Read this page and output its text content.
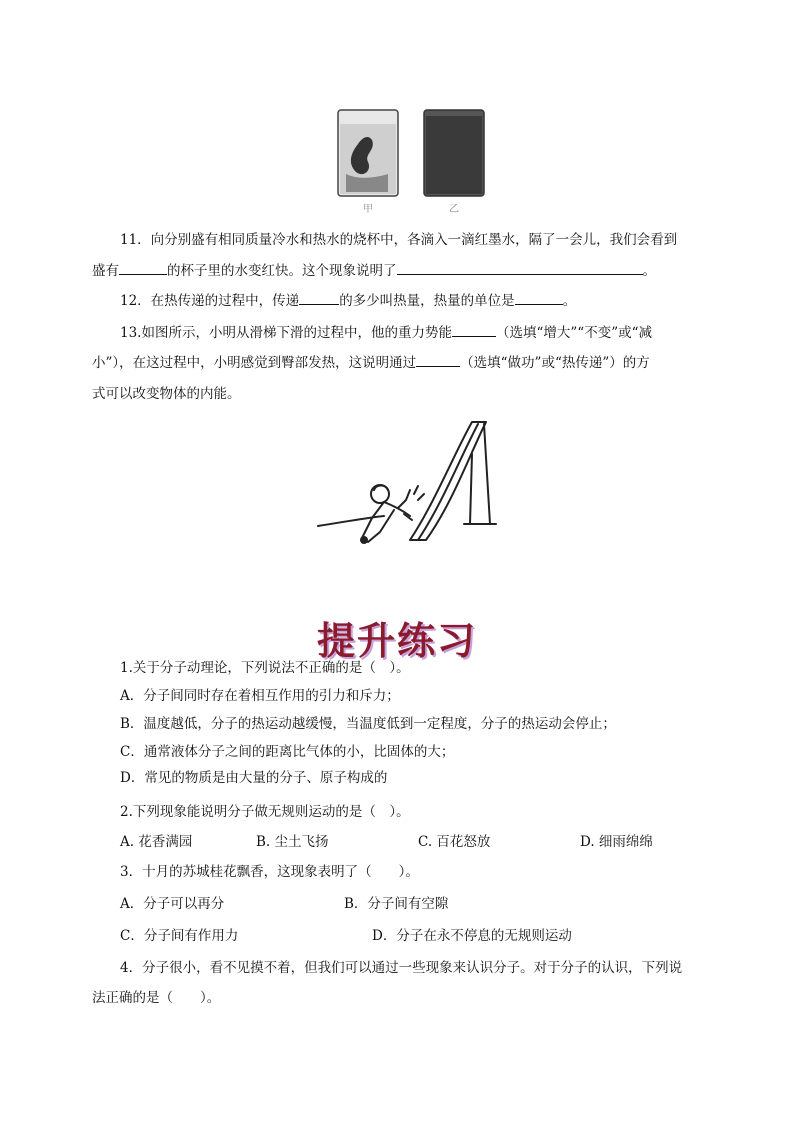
甲	乙
11．向分别盛有相同质量冷水和热水的烧杯中，各滴入一滴红墨水，隔了一会儿，我们会看到
盛有	的杯子里的水变红快。这个现象说明了	。
12．在热传递的过程中，传递	的多少叫热量，热量的单位是	。
13.如图所示，小明从滑梯下滑的过程中，他的重力势能	（选填“增大”“不变”或“减
小”），在这过程中，小明感觉到臀部发热，这说明通过	（选填“做功”或“热传递”）的方
式可以改变物体的内能。
提升练习
1.关于分子动理论，下列说法不正确的是（　）。
A．分子间同时存在着相互作用的引力和斥力；
B．温度越低，分子的热运动越缓慢，当温度低到一定程度，分子的热运动会停止；
C．通常液体分子之间的距离比气体的小，比固体的大；
D．常见的物质是由大量的分子、原子构成的
2.下列现象能说明分子做无规则运动的是（　）。
A. 花香满园	B. 尘土飞扬	C. 百花怒放	D. 细雨绵绵
3．十月的苏城桂花飘香，这现象表明了（　　）。
A．分子可以再分	B．分子间有空隙
C．分子间有作用力	D．分子在永不停息的无规则运动
4．分子很小，看不见摸不着，但我们可以通过一些现象来认识分子。对于分子的认识，下列说
法正确的是（　　）。
